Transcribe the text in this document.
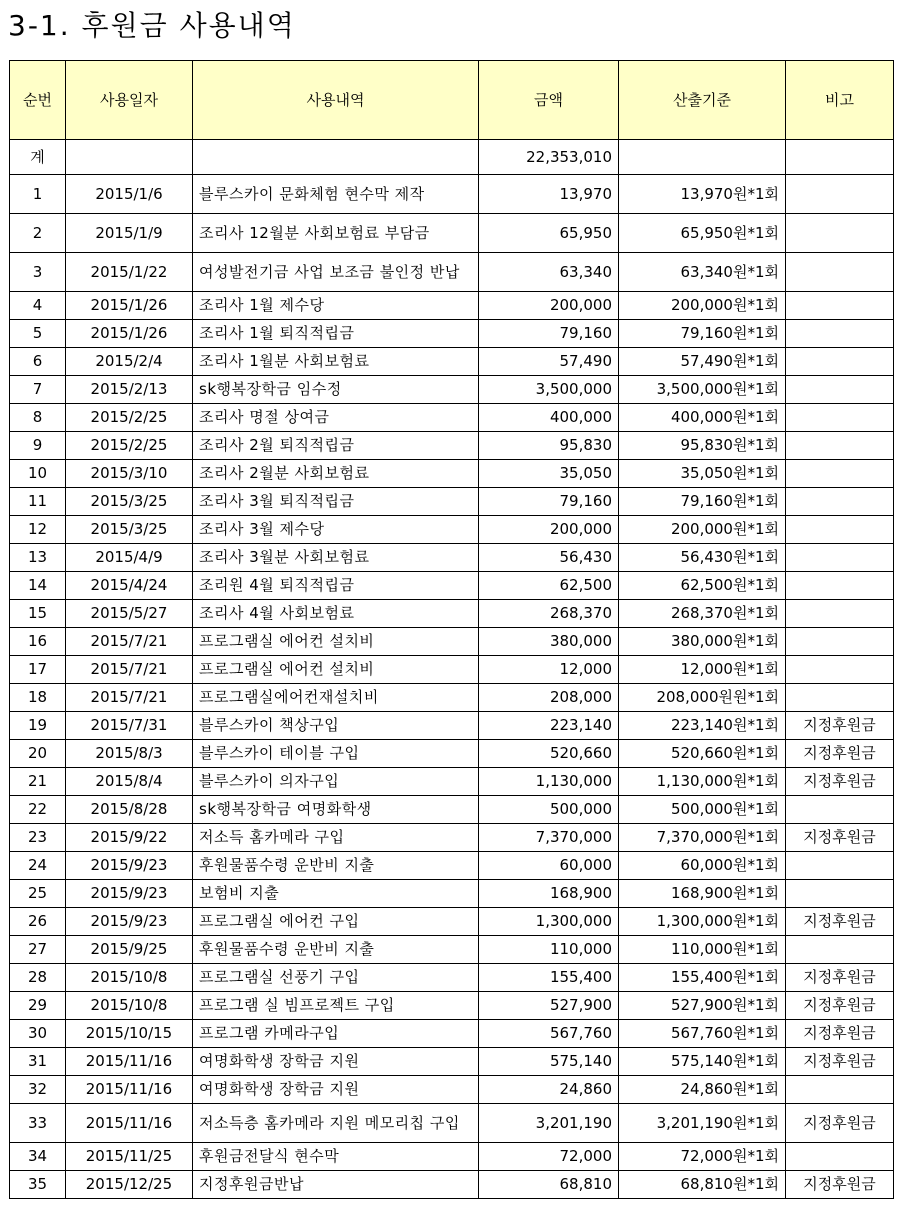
3-1. 후원금 사용내역
순번	사용일자	사용내역	금액	산출기준	비고
계			22,353,010		
1	2015/1/6	블루스카이 문화체험 현수막 제작	13,970	13,970원*1회	
2	2015/1/9	조리사 12월분 사회보험료 부담금	65,950	65,950원*1회	
3	2015/1/22	여성발전기금 사업 보조금 불인정 반납	63,340	63,340원*1회	
4	2015/1/26	조리사 1월 제수당	200,000	200,000원*1회	
5	2015/1/26	조리사 1월 퇴직적립금	79,160	79,160원*1회	
6	2015/2/4	조리사 1월분 사회보험료	57,490	57,490원*1회	
7	2015/2/13	sk행복장학금 임수정	3,500,000	3,500,000원*1회	
8	2015/2/25	조리사 명절 상여금	400,000	400,000원*1회	
9	2015/2/25	조리사 2월 퇴직적립금	95,830	95,830원*1회	
10	2015/3/10	조리사 2월분 사회보험료	35,050	35,050원*1회	
11	2015/3/25	조리사 3월 퇴직적립금	79,160	79,160원*1회	
12	2015/3/25	조리사 3월 제수당	200,000	200,000원*1회	
13	2015/4/9	조리사 3월분 사회보험료	56,430	56,430원*1회	
14	2015/4/24	조리원 4월 퇴직적립금	62,500	62,500원*1회	
15	2015/5/27	조리사 4월 사회보험료	268,370	268,370원*1회	
16	2015/7/21	프로그램실 에어컨 설치비	380,000	380,000원*1회	
17	2015/7/21	프로그램실 에어컨 설치비	12,000	12,000원*1회	
18	2015/7/21	프로그램실에어컨재설치비	208,000	208,000원원*1회	
19	2015/7/31	블루스카이 책상구입	223,140	223,140원*1회	지정후원금
20	2015/8/3	블루스카이 테이블 구입	520,660	520,660원*1회	지정후원금
21	2015/8/4	블루스카이 의자구입	1,130,000	1,130,000원*1회	지정후원금
22	2015/8/28	sk행복장학금 여명화학생	500,000	500,000원*1회	
23	2015/9/22	저소득 홈카메라 구입	7,370,000	7,370,000원*1회	지정후원금
24	2015/9/23	후원물품수령 운반비 지출	60,000	60,000원*1회	
25	2015/9/23	보험비 지출	168,900	168,900원*1회	
26	2015/9/23	프로그램실 에어컨 구입	1,300,000	1,300,000원*1회	지정후원금
27	2015/9/25	후원물품수령 운반비 지출	110,000	110,000원*1회	
28	2015/10/8	프로그램실 선풍기 구입	155,400	155,400원*1회	지정후원금
29	2015/10/8	프로그램 실 빔프로젝트 구입	527,900	527,900원*1회	지정후원금
30	2015/10/15	프로그램 카메라구입	567,760	567,760원*1회	지정후원금
31	2015/11/16	여명화학생 장학금 지원	575,140	575,140원*1회	지정후원금
32	2015/11/16	여명화학생 장학금 지원	24,860	24,860원*1회	
33	2015/11/16	저소득층 홈카메라 지원 메모리칩 구입	3,201,190	3,201,190원*1회	지정후원금
34	2015/11/25	후원금전달식 현수막	72,000	72,000원*1회	
35	2015/12/25	지정후원금반납	68,810	68,810원*1회	지정후원금
